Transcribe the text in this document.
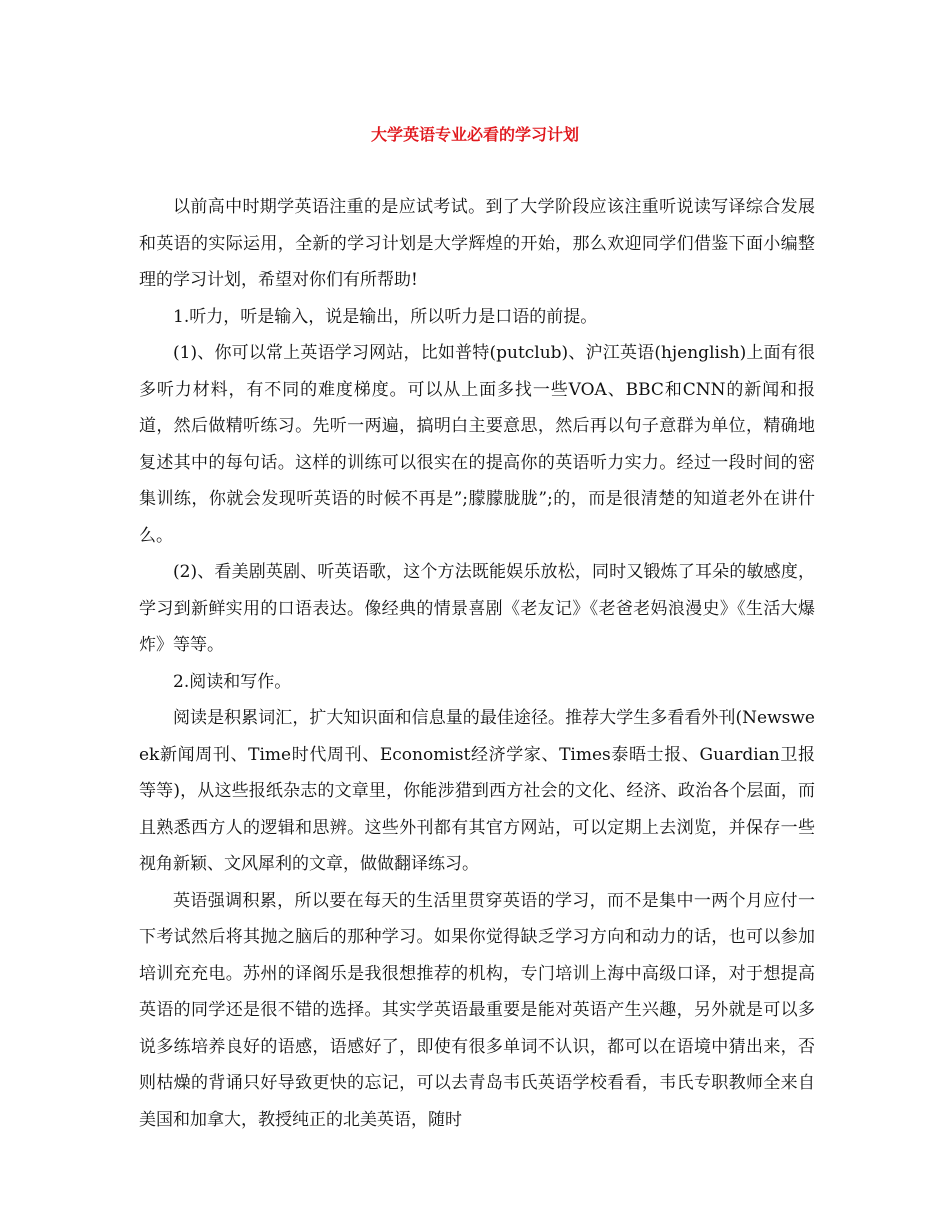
大学英语专业必看的学习计划

以前高中时期学英语注重的是应试考试。到了大学阶段应该注重听说读写译综合发展和英语的实际运用，全新的学习计划是大学辉煌的开始，那么欢迎同学们借鉴下面小编整理的学习计划，希望对你们有所帮助!

1.听力，听是输入，说是输出，所以听力是口语的前提。

(1)、你可以常上英语学习网站，比如普特(putclub)、沪江英语(hjenglish)上面有很多听力材料，有不同的难度梯度。可以从上面多找一些VOA、BBC和CNN的新闻和报道，然后做精听练习。先听一两遍，搞明白主要意思，然后再以句子意群为单位，精确地复述其中的每句话。这样的训练可以很实在的提高你的英语听力实力。经过一段时间的密集训练，你就会发现听英语的时候不再是”;朦朦胧胧”;的，而是很清楚的知道老外在讲什么。

(2)、看美剧英剧、听英语歌，这个方法既能娱乐放松，同时又锻炼了耳朵的敏感度，学习到新鲜实用的口语表达。像经典的情景喜剧《老友记》《老爸老妈浪漫史》《生活大爆炸》等等。

2.阅读和写作。

阅读是积累词汇，扩大知识面和信息量的最佳途径。推荐大学生多看看外刊(Newsweek新闻周刊、Time时代周刊、Economist经济学家、Times泰晤士报、Guardian卫报等等)，从这些报纸杂志的文章里，你能涉猎到西方社会的文化、经济、政治各个层面，而且熟悉西方人的逻辑和思辨。这些外刊都有其官方网站，可以定期上去浏览，并保存一些视角新颖、文风犀利的文章，做做翻译练习。

英语强调积累，所以要在每天的生活里贯穿英语的学习，而不是集中一两个月应付一下考试然后将其抛之脑后的那种学习。如果你觉得缺乏学习方向和动力的话，也可以参加培训充充电。苏州的译阁乐是我很想推荐的机构，专门培训上海中高级口译，对于想提高英语的同学还是很不错的选择。其实学英语最重要是能对英语产生兴趣，另外就是可以多说多练培养良好的语感，语感好了，即使有很多单词不认识，都可以在语境中猜出来，否则枯燥的背诵只好导致更快的忘记，可以去青岛韦氏英语学校看看，韦氏专职教师全来自美国和加拿大，教授纯正的北美英语，随时
